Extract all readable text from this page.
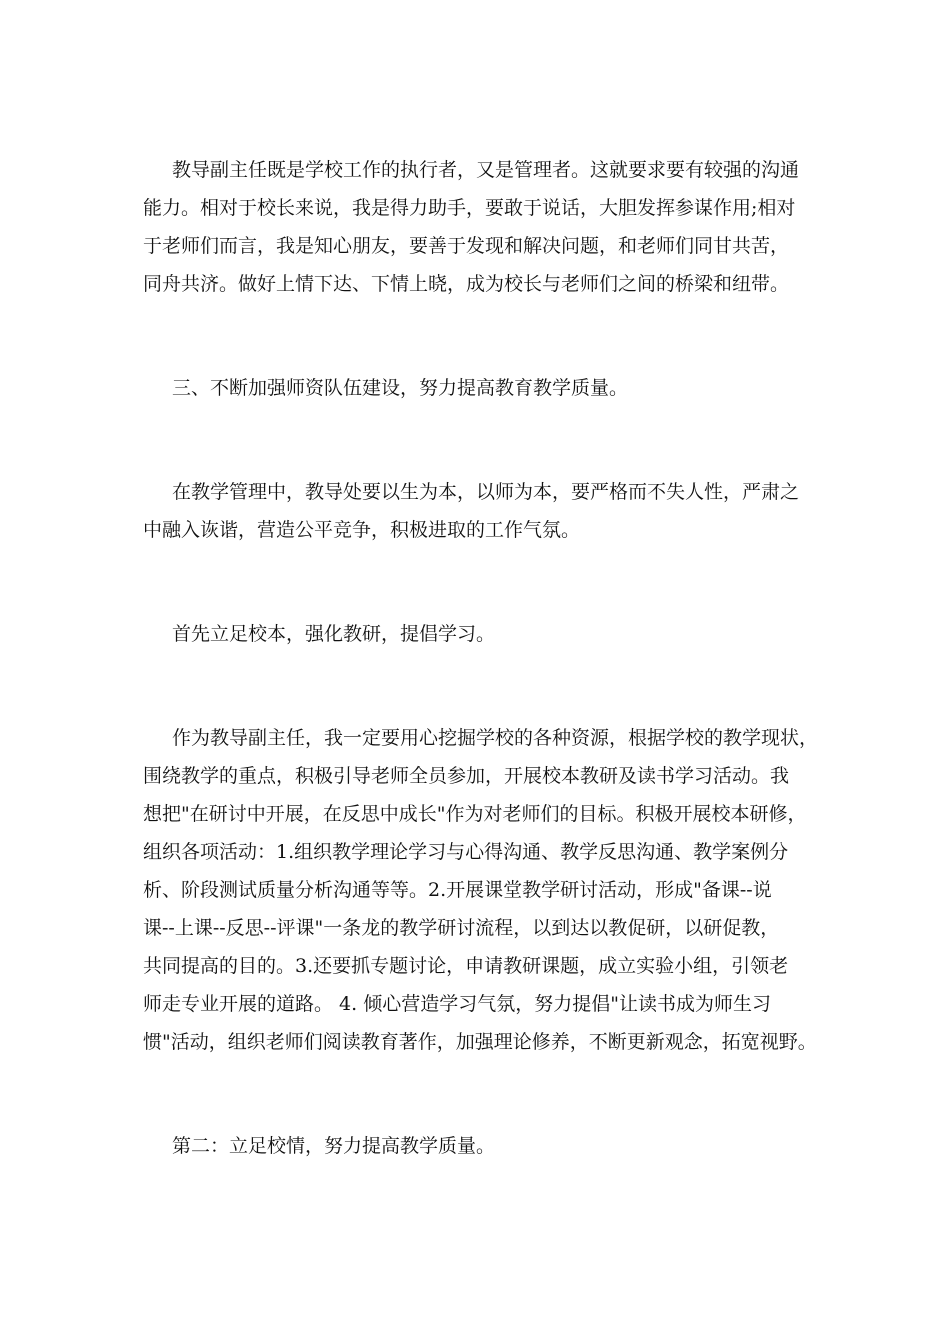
教导副主任既是学校工作的执行者，又是管理者。这就要求要有较强的沟通

能力。相对于校长来说，我是得力助手，要敢于说话，大胆发挥参谋作用;相对

于老师们而言，我是知心朋友，要善于发现和解决问题，和老师们同甘共苦，

同舟共济。做好上情下达、下情上晓，成为校长与老师们之间的桥梁和纽带。

三、不断加强师资队伍建设，努力提高教育教学质量。

在教学管理中，教导处要以生为本，以师为本，要严格而不失人性，严肃之

中融入诙谐，营造公平竞争，积极进取的工作气氛。

首先立足校本，强化教研，提倡学习。

作为教导副主任，我一定要用心挖掘学校的各种资源，根据学校的教学现状，

围绕教学的重点，积极引导老师全员参加，开展校本教研及读书学习活动。我

想把"在研讨中开展，在反思中成长"作为对老师们的目标。积极开展校本研修，

组织各项活动：1.组织教学理论学习与心得沟通、教学反思沟通、教学案例分

析、阶段测试质量分析沟通等等。2.开展课堂教学研讨活动，形成"备课--说

课--上课--反思--评课"一条龙的教学研讨流程，以到达以教促研，以研促教，

共同提高的目的。3.还要抓专题讨论，申请教研课题，成立实验小组，引领老

师走专业开展的道路。 4. 倾心营造学习气氛，努力提倡"让读书成为师生习

惯"活动，组织老师们阅读教育著作，加强理论修养，不断更新观念，拓宽视野。

第二：立足校情，努力提高教学质量。
